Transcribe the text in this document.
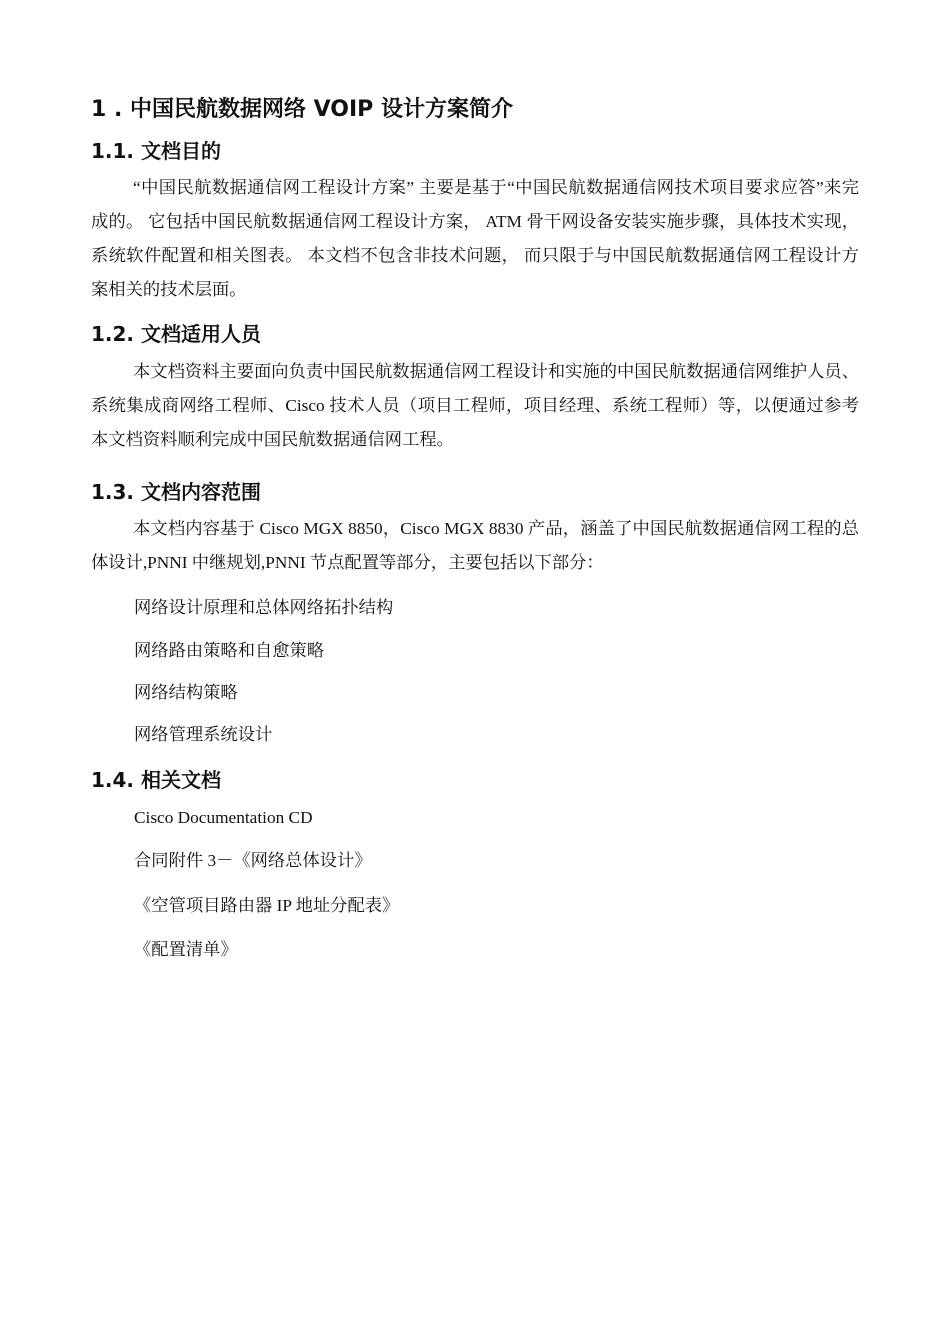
1 . 中国民航数据网络 VOIP 设计方案简介
1.1. 文档目的

“中国民航数据通信网工程设计方案” 主要是基于“中国民航数据通信网技术项目要求应答”来完成的。 它包括中国民航数据通信网工程设计方案， ATM 骨干网设备安装实施步骤，具体技术实现，系统软件配置和相关图表。 本文档不包含非技术问题， 而只限于与中国民航数据通信网工程设计方案相关的技术层面。

1.2. 文档适用人员

本文档资料主要面向负责中国民航数据通信网工程设计和实施的中国民航数据通信网维护人员、系统集成商网络工程师、Cisco 技术人员（项目工程师，项目经理、系统工程师）等，以便通过参考本文档资料顺利完成中国民航数据通信网工程。

1.3. 文档内容范围

本文档内容基于 Cisco MGX 8850，Cisco MGX 8830 产品，涵盖了中国民航数据通信网工程的总体设计,PNNI 中继规划,PNNI 节点配置等部分，主要包括以下部分：

网络设计原理和总体网络拓扑结构
网络路由策略和自愈策略
网络结构策略
网络管理系统设计
1.4. 相关文档
Cisco Documentation CD
合同附件 3－《网络总体设计》
《空管项目路由器 IP 地址分配表》
《配置清单》
